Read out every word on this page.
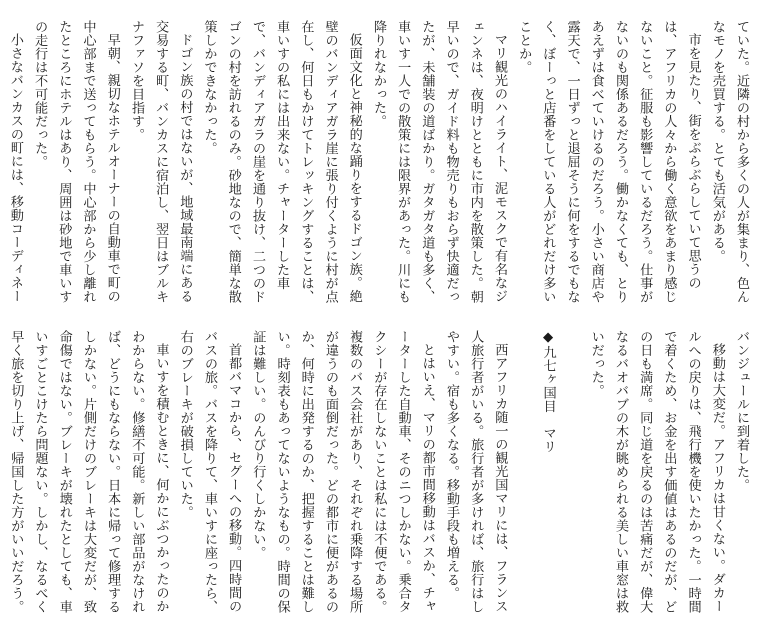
ていた。近隣の村から多くの人が集まり、色んなモノを売買する。とても活気がある。

市を見たり、街をぶらぶらしていて思うのは、アフリカの人々から働く意欲をあまり感じないこと。征服も影響しているだろう。仕事がないのも関係あるだろう。働かなくても、とりあえずは食べていけるのだろう。小さい商店や露天で、一日ずっと退屈そうに何をするでもなく、ぼーっと店番をしている人がどれだけ多いことか。

マリ観光のハイライト、泥モスクで有名なジェンネは、夜明けとともに市内を散策した。朝早いので、ガイド料も物売りもおらず快適だったが、未舗装の道ばかり。ガタガタ道も多く、車いす一人での散策には限界があった。川にも降りれなかった。

仮面文化と神秘的な踊りをするドゴン族。絶壁のバンディアガラ崖に張り付くように村が点在し、何日もかけてトレッキングすることは、車いすの私には出来ない。チャーターした車で、バンディアガラの崖を通り抜け、二つのドゴンの村を訪れるのみ。砂地なので、簡単な散策しかできなかった。

ドゴン族の村ではないが、地域最南端にある交易する町、バンカスに宿泊し、翌日はブルキナファソを目指す。

早朝、親切なホテルオーナーの自動車で町の中心部まで送ってもらう。中心部から少し離れたところにホテルはあり、周囲は砂地で車いすの走行は不可能だった。

小さなバンカスの町には、移動コーディネー

バンジュールに到着した。

移動は大変だ。アフリカは甘くない。ダカールへの戻りは、飛行機を使いたかった。一時間で着くため、お金を出す価値はあるのだが、どの日も満席。同じ道を戻るのは苦痛だが、偉大なるバオバブの木が眺められる美しい車窓は救いだった。

◆九七ヶ国目　マリ

西アフリカ随一の観光国マリには、フランス人旅行者がいる。旅行者が多ければ、旅行はしやすい。宿も多くなる。移動手段も増える。

とはいえ、マリの都市間移動はバスか、チャーターした自動車、そのニつしかない。乗合タクシーが存在しないことは私には不便である。複数のバス会社があり、それぞれ乗降する場所が違うのも面倒だった。どの都市に便があるのか、何時に出発するのか、把握することは難しい。時刻表もあってないようなもの。時間の保証は難しい。のんびり行くしかない。

首都バマコから、セグーへの移動。四時間のバスの旅。バスを降りて、車いすに座ったら、右のブレーキが破損していた。

車いすを積むときに、何かにぶつかったのかわからない。修繕不可能。新しい部品がなければ、どうにもならない。日本に帰って修理するしかない。片側だけのブレーキは大変だが、致命傷ではない。ブレーキが壊れたとしても、車いすごとこけたら問題ない。しかし、なるべく早く旅を切り上げ、帰国した方がいいだろう。
